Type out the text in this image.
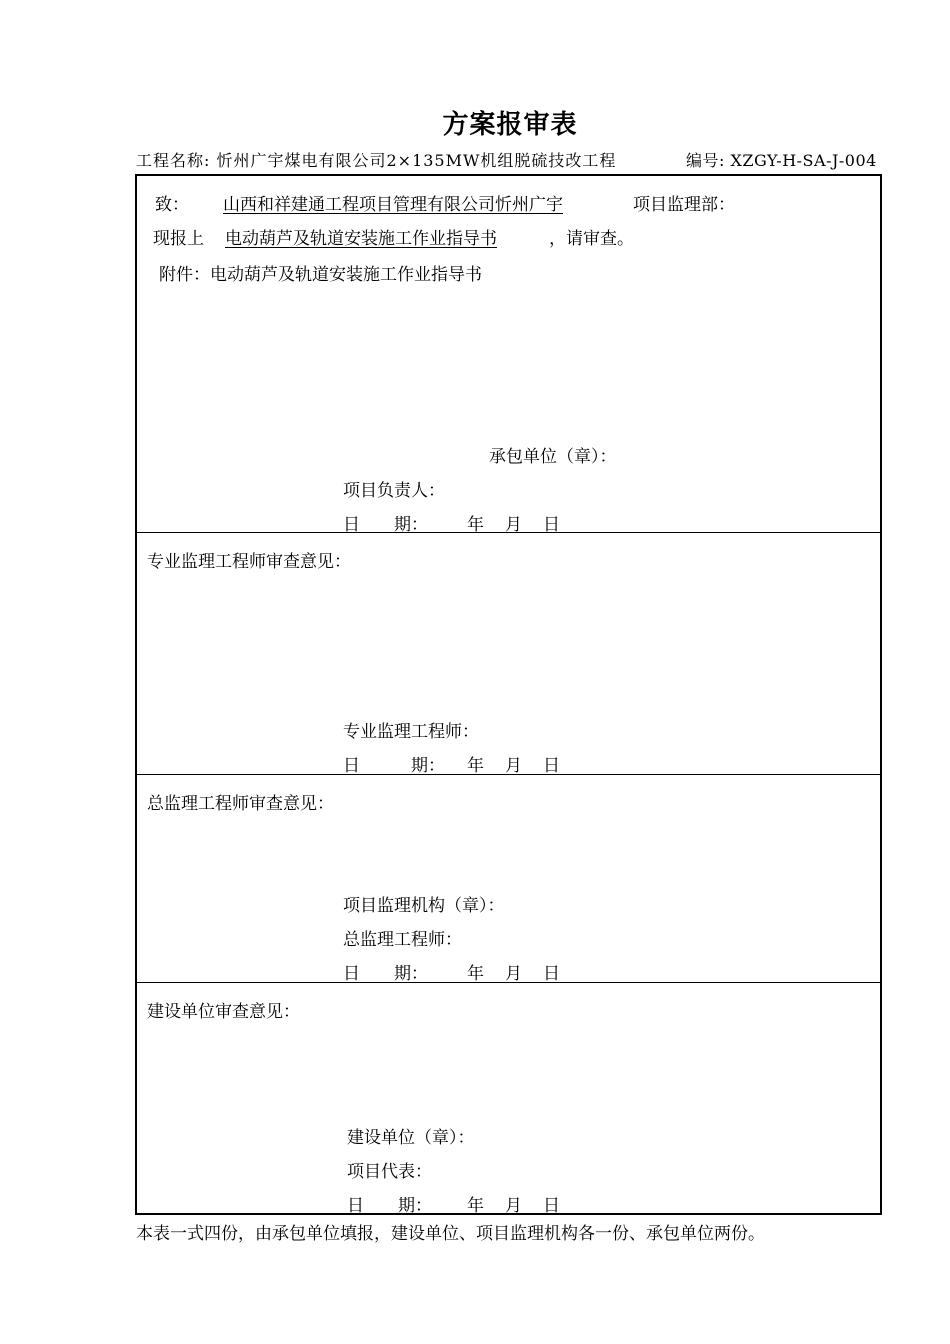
方案报审表
工程名称: 忻州广宇煤电有限公司2×135MW机组脱硫技改工程	编号: XZGY-H-SA-J-004
致：	山西和祥建通工程项目管理有限公司忻州广宇	项目监理部：
现报上	电动葫芦及轨道安装施工作业指导书	，请审查。
附件：电动葫芦及轨道安装施工作业指导书
承包单位（章）：
项目负责人：
日　　期： 年 月 日
专业监理工程师审查意见：
专业监理工程师：
日　　　期： 年 月 日
总监理工程师审查意见：
项目监理机构（章）：
总监理工程师：
日　　期： 年 月 日
建设单位审查意见：
建设单位（章）：
项目代表：
日　　期： 年 月 日
本表一式四份，由承包单位填报，建设单位、项目监理机构各一份、承包单位两份。
